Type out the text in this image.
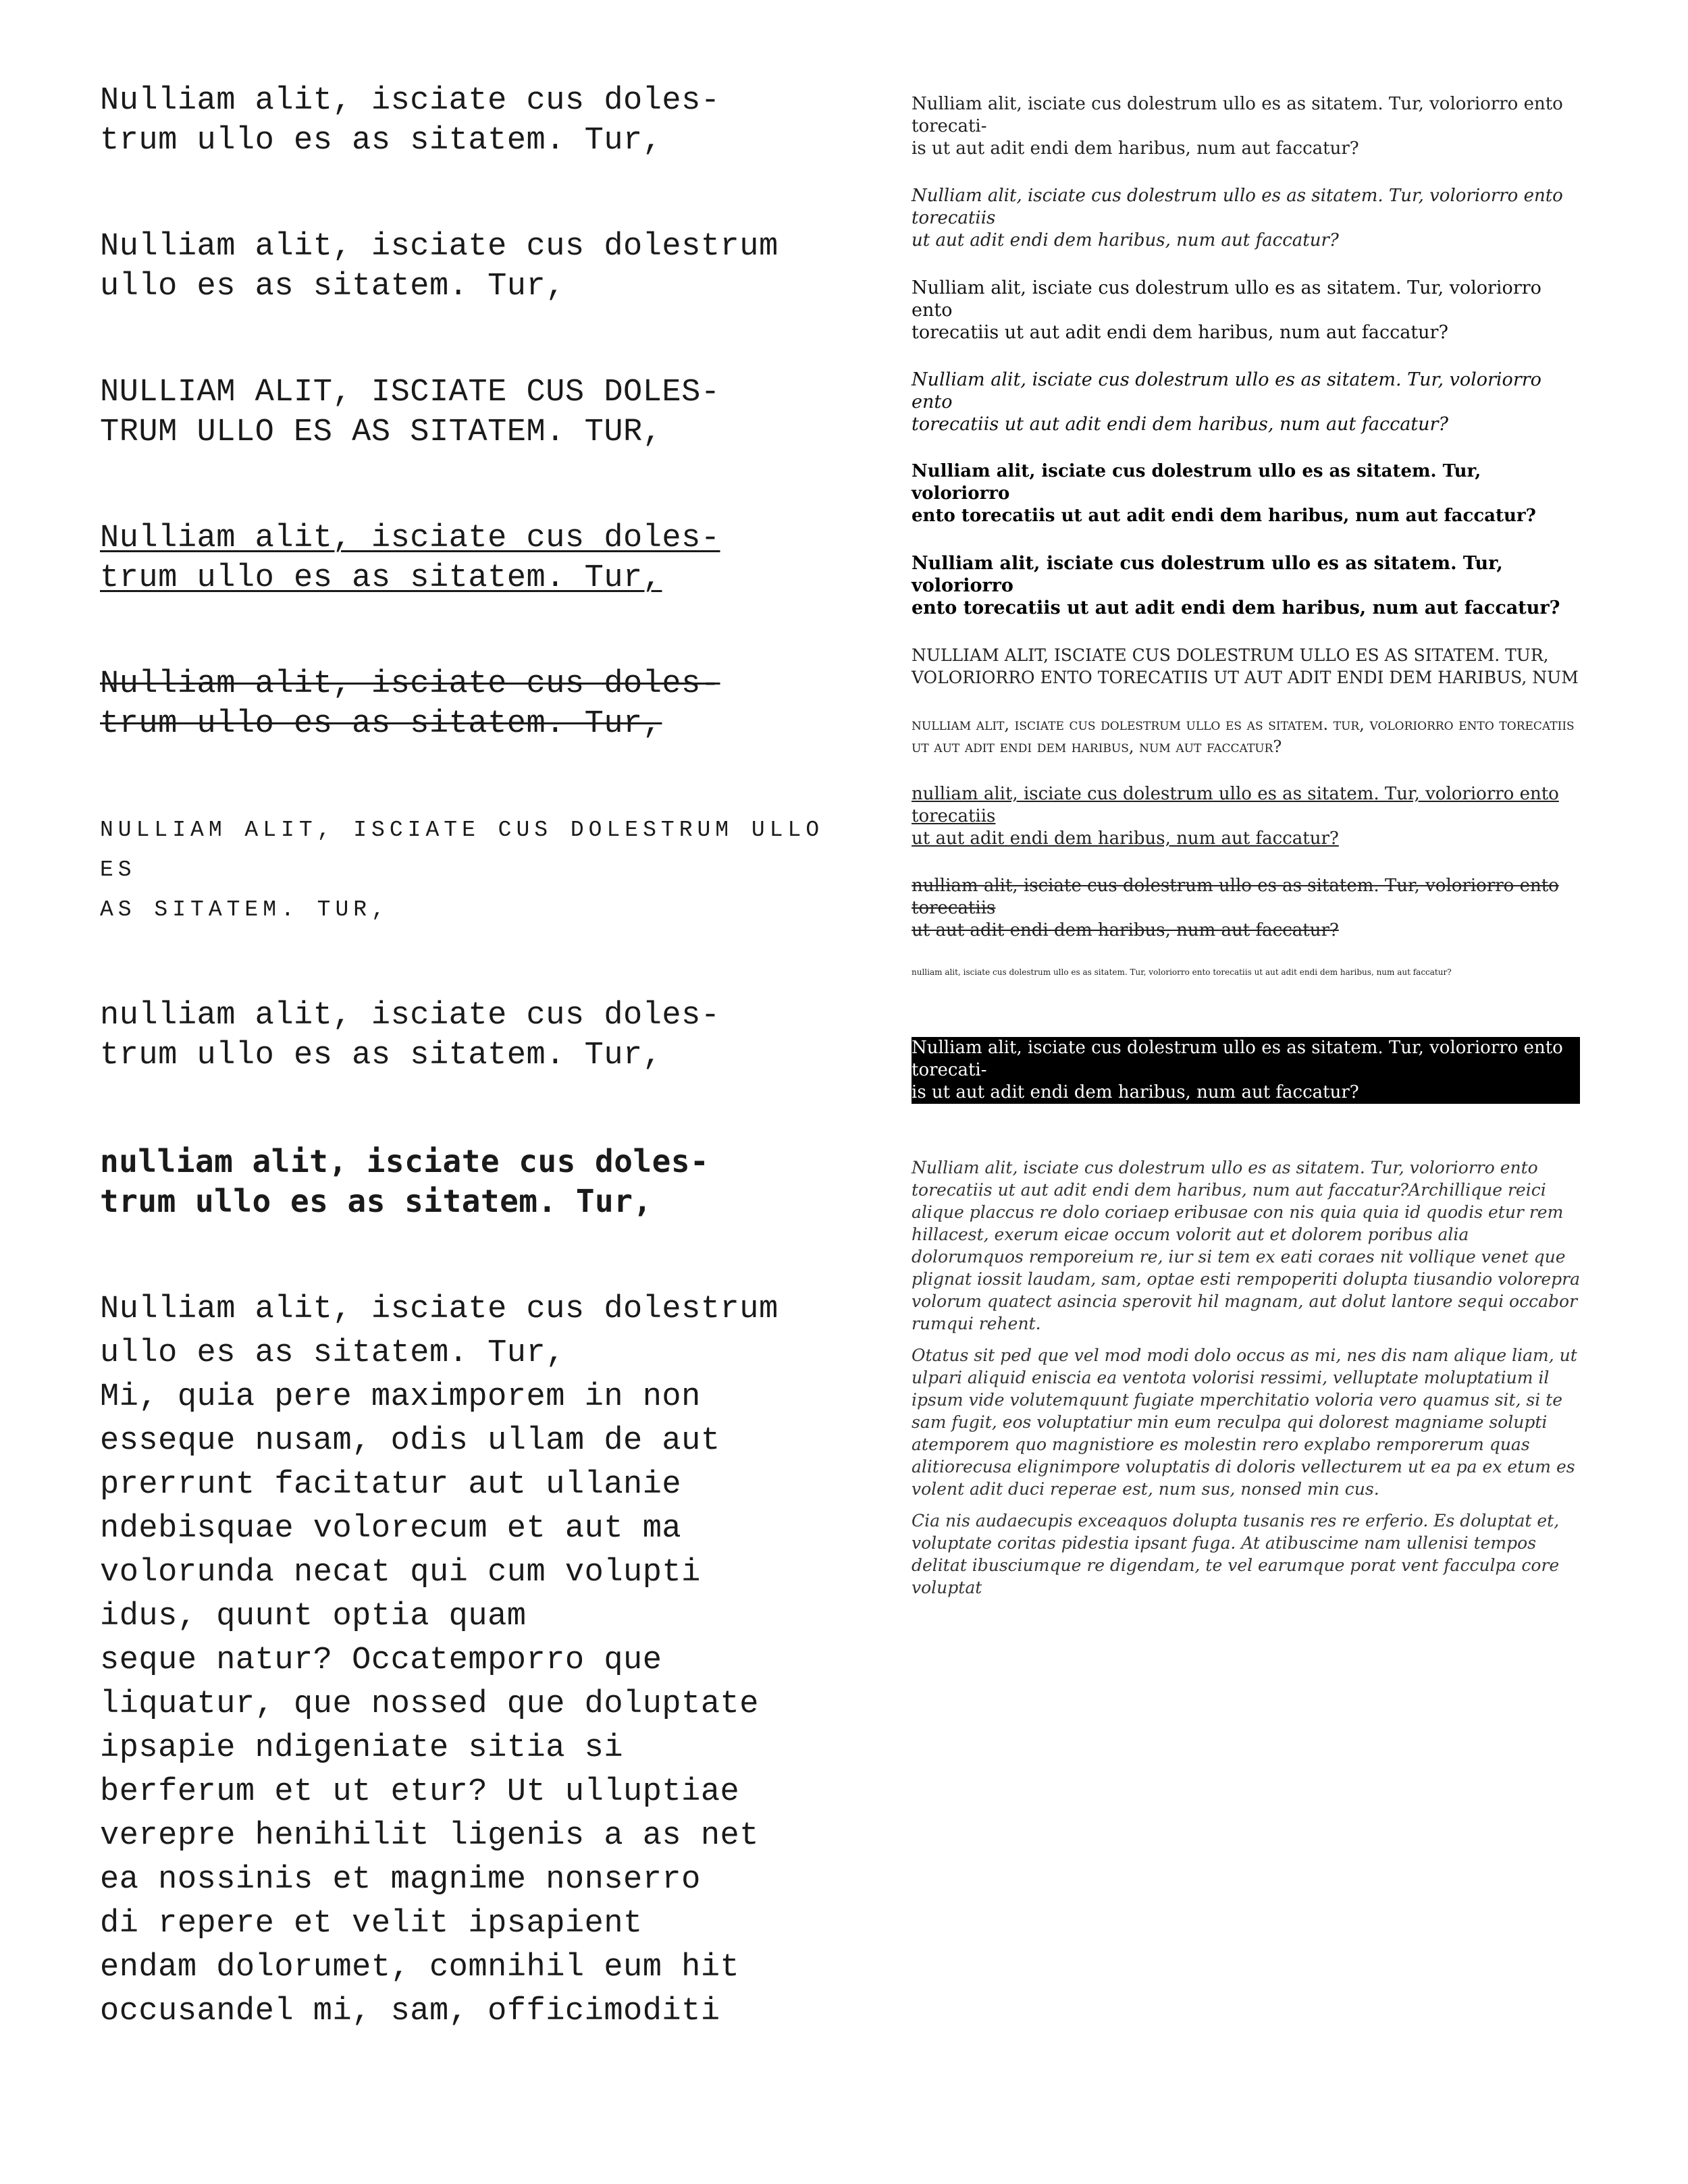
Nulliam alit, isciate cus doles-
trum ullo es as sitatem. Tur,
Nulliam alit, isciate cus dolestrum
ullo es as sitatem. Tur,
NULLIAM ALIT, ISCIATE CUS DOLES-
TRUM ULLO ES AS SITATEM. TUR,
Nulliam alit, isciate cus doles-
trum ullo es as sitatem. Tur,
Nulliam alit, isciate cus doles-
trum ullo es as sitatem. Tur,
NULLIAM ALIT, ISCIATE CUS DOLESTRUM ULLO ES
AS SITATEM. TUR,
nulliam alit, isciate cus doles-
trum ullo es as sitatem. Tur,
nulliam alit, isciate cus doles-
trum ullo es as sitatem. Tur,

Nulliam alit, isciate cus dolestrum

ullo es as sitatem. Tur,

Mi, quia pere maximporem in non

esseque nusam, odis ullam de aut

prerrunt facitatur aut ullanie

ndebisquae volorecum et aut ma

volorunda necat qui cum volupti

idus, quunt optia quam

seque natur? Occatemporro que

liquatur, que nossed que doluptate

ipsapie ndigeniate sitia si

berferum et ut etur? Ut ulluptiae

verepre henihilit ligenis a as net

ea nossinis et magnime nonserro

di repere et velit ipsapient

endam dolorumet, comnihil eum hit

occusandel mi, sam, officimoditi

Nulliam alit, isciate cus dolestrum ullo es as sitatem. Tur, voloriorro ento torecati-
is ut aut adit endi dem haribus, num aut faccatur?
Nulliam alit, isciate cus dolestrum ullo es as sitatem. Tur, voloriorro ento torecatiis
ut aut adit endi dem haribus, num aut faccatur?
Nulliam alit, isciate cus dolestrum ullo es as sitatem. Tur, voloriorro ento
torecatiis ut aut adit endi dem haribus, num aut faccatur?
Nulliam alit, isciate cus dolestrum ullo es as sitatem. Tur, voloriorro ento
torecatiis ut aut adit endi dem haribus, num aut faccatur?
Nulliam alit, isciate cus dolestrum ullo es as sitatem. Tur, voloriorro
ento torecatiis ut aut adit endi dem haribus, num aut faccatur?
Nulliam alit, isciate cus dolestrum ullo es as sitatem. Tur, voloriorro
ento torecatiis ut aut adit endi dem haribus, num aut faccatur?
NULLIAM ALIT, ISCIATE CUS DOLESTRUM ULLO ES AS SITATEM. TUR,
VOLORIORRO ENTO TORECATIIS UT AUT ADIT ENDI DEM HARIBUS, NUM
nulliam alit, isciate cus dolestrum ullo es as sitatem. tur, voloriorro ento torecatiis
ut aut adit endi dem haribus, num aut faccatur?
nulliam alit, isciate cus dolestrum ullo es as sitatem. Tur, voloriorro ento torecatiis
ut aut adit endi dem haribus, num aut faccatur?
nulliam alit, isciate cus dolestrum ullo es as sitatem. Tur, voloriorro ento torecatiis
ut aut adit endi dem haribus, num aut faccatur?
nulliam alit, isciate cus dolestrum ullo es as sitatem. Tur, voloriorro ento torecatiis ut aut adit endi dem haribus, num aut faccatur?
Nulliam alit, isciate cus dolestrum ullo es as sitatem. Tur, voloriorro ento torecati-
is ut aut adit endi dem haribus, num aut faccatur?

Nulliam alit, isciate cus dolestrum ullo es as sitatem. Tur, voloriorro ento torecatiis ut aut adit endi dem haribus, num aut faccatur?Archillique reici alique placcus re dolo coriaep eribusae con nis quia quia id quodis etur rem hillacest, exerum eicae occum volorit aut et dolorem poribus alia dolorumquos remporeium re, iur si tem ex eati coraes nit vollique venet que plignat iossit laudam, sam, optae esti rempореriti dolupta tiusandio volorepra volorum quatect asincia sperovit hil magnam, aut dolut lantore sequi occabor rumqui rehent.

Otatus sit ped que vel mod modi dolo occus as mi, nes dis nam alique liam, ut ulpari aliquid eniscia ea ventota volorisi ressimi, velluptate moluptatium il ipsum vide volutemquunt fugiate mperchitatio voloria vero quamus sit, si te sam fugit, eos voluptatiur min eum reculpa qui dolorest magniame solupti atemporem quo magnistiore es molestin rero explabo remporerum quas alitiorecusa elignimpore voluptatis di doloris vellecturem ut ea pa ex etum es volent adit duci reperae est, num sus, nonsed min cus.

Cia nis audaecupis exceaquos dolupta tusanis res re erferio. Es doluptat et, voluptate coritas pidestia ipsant fuga. At atibuscime nam ullenisi tempos delitat ibusciumque re digendam, te vel earumque porat vent facculpa core voluptat
